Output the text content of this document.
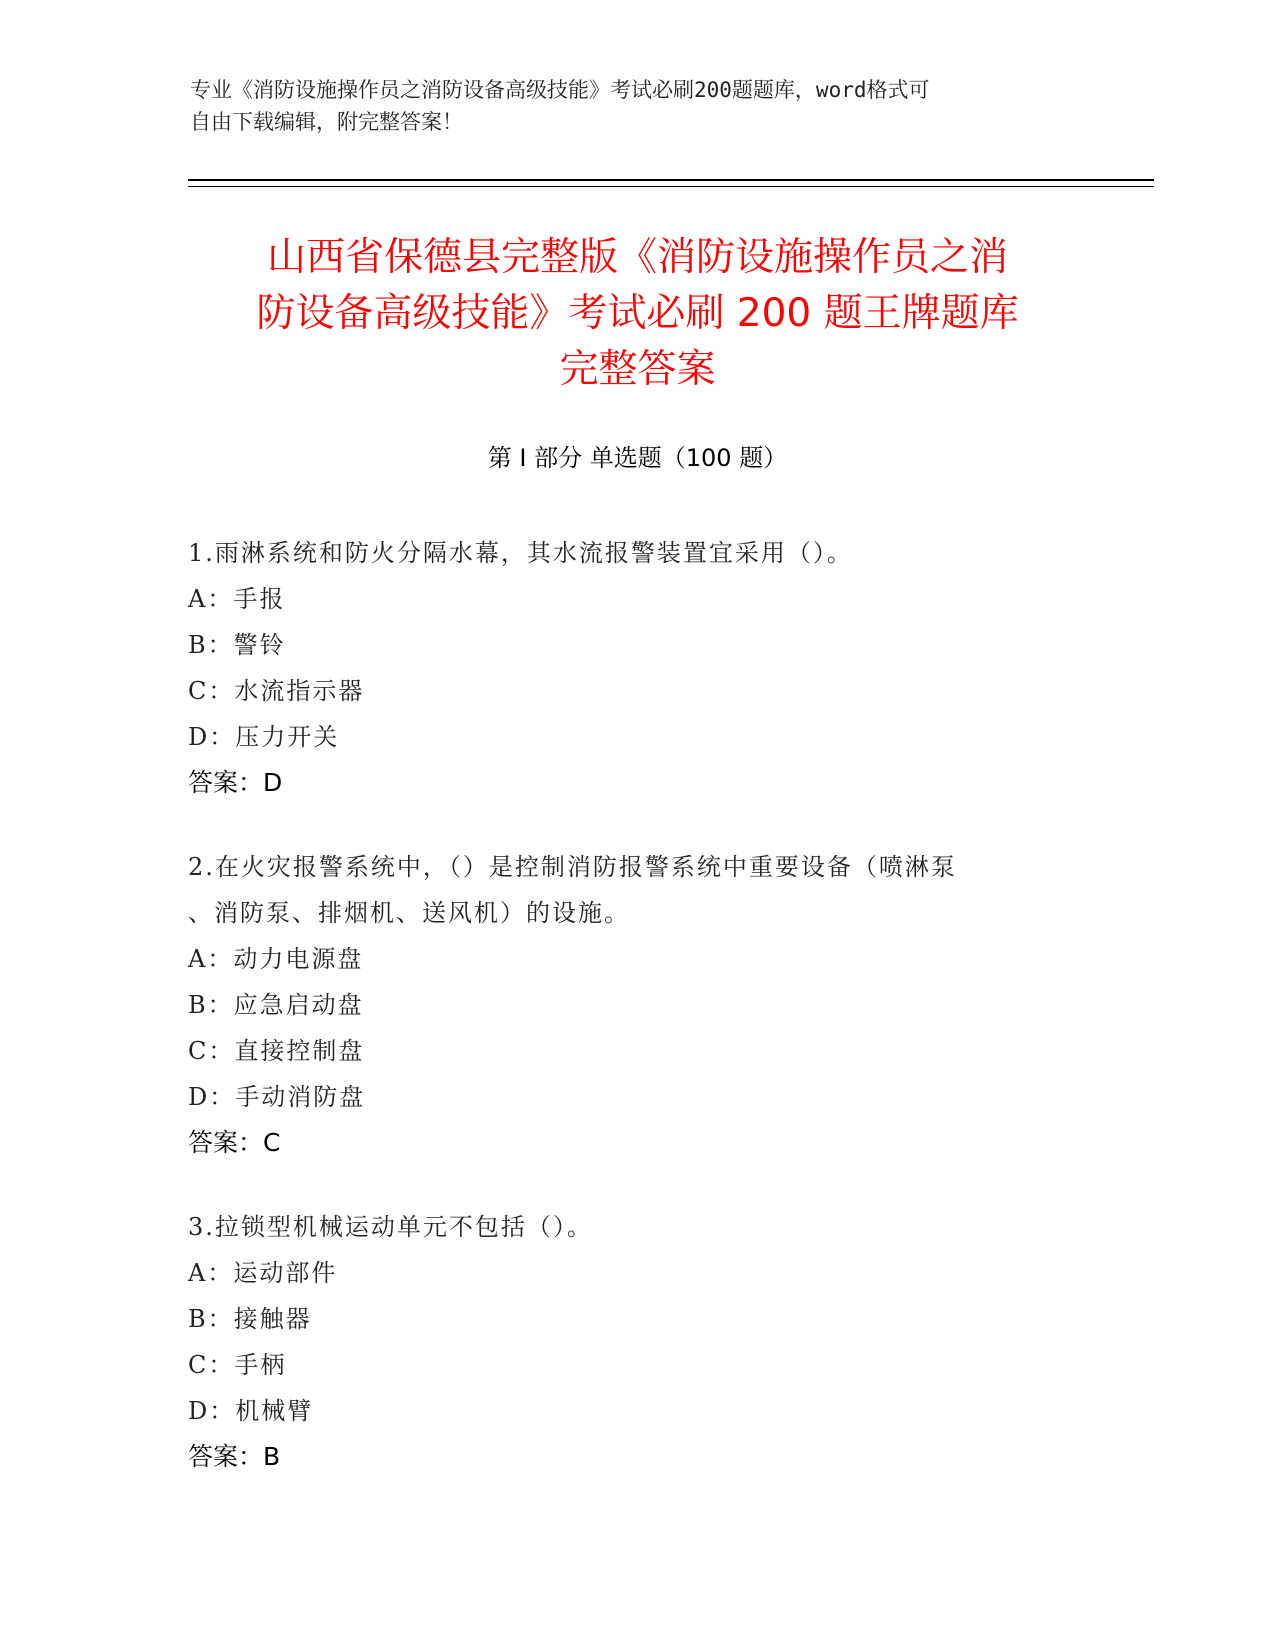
专业《消防设施操作员之消防设备高级技能》考试必刷200题题库，word格式可
自由下载编辑，附完整答案！
山西省保德县完整版《消防设施操作员之消
防设备高级技能》考试必刷 200 题王牌题库
完整答案
第 I 部分 单选题（100 题）
1.雨淋系统和防火分隔水幕，其水流报警装置宜采用（）。
A：手报
B：警铃
C：水流指示器
D：压力开关
答案：D
2.在火灾报警系统中，（）是控制消防报警系统中重要设备（喷淋泵
、消防泵、排烟机、送风机）的设施。
A：动力电源盘
B：应急启动盘
C：直接控制盘
D：手动消防盘
答案：C
3.拉锁型机械运动单元不包括（）。
A：运动部件
B：接触器
C：手柄
D：机械臂
答案：B
